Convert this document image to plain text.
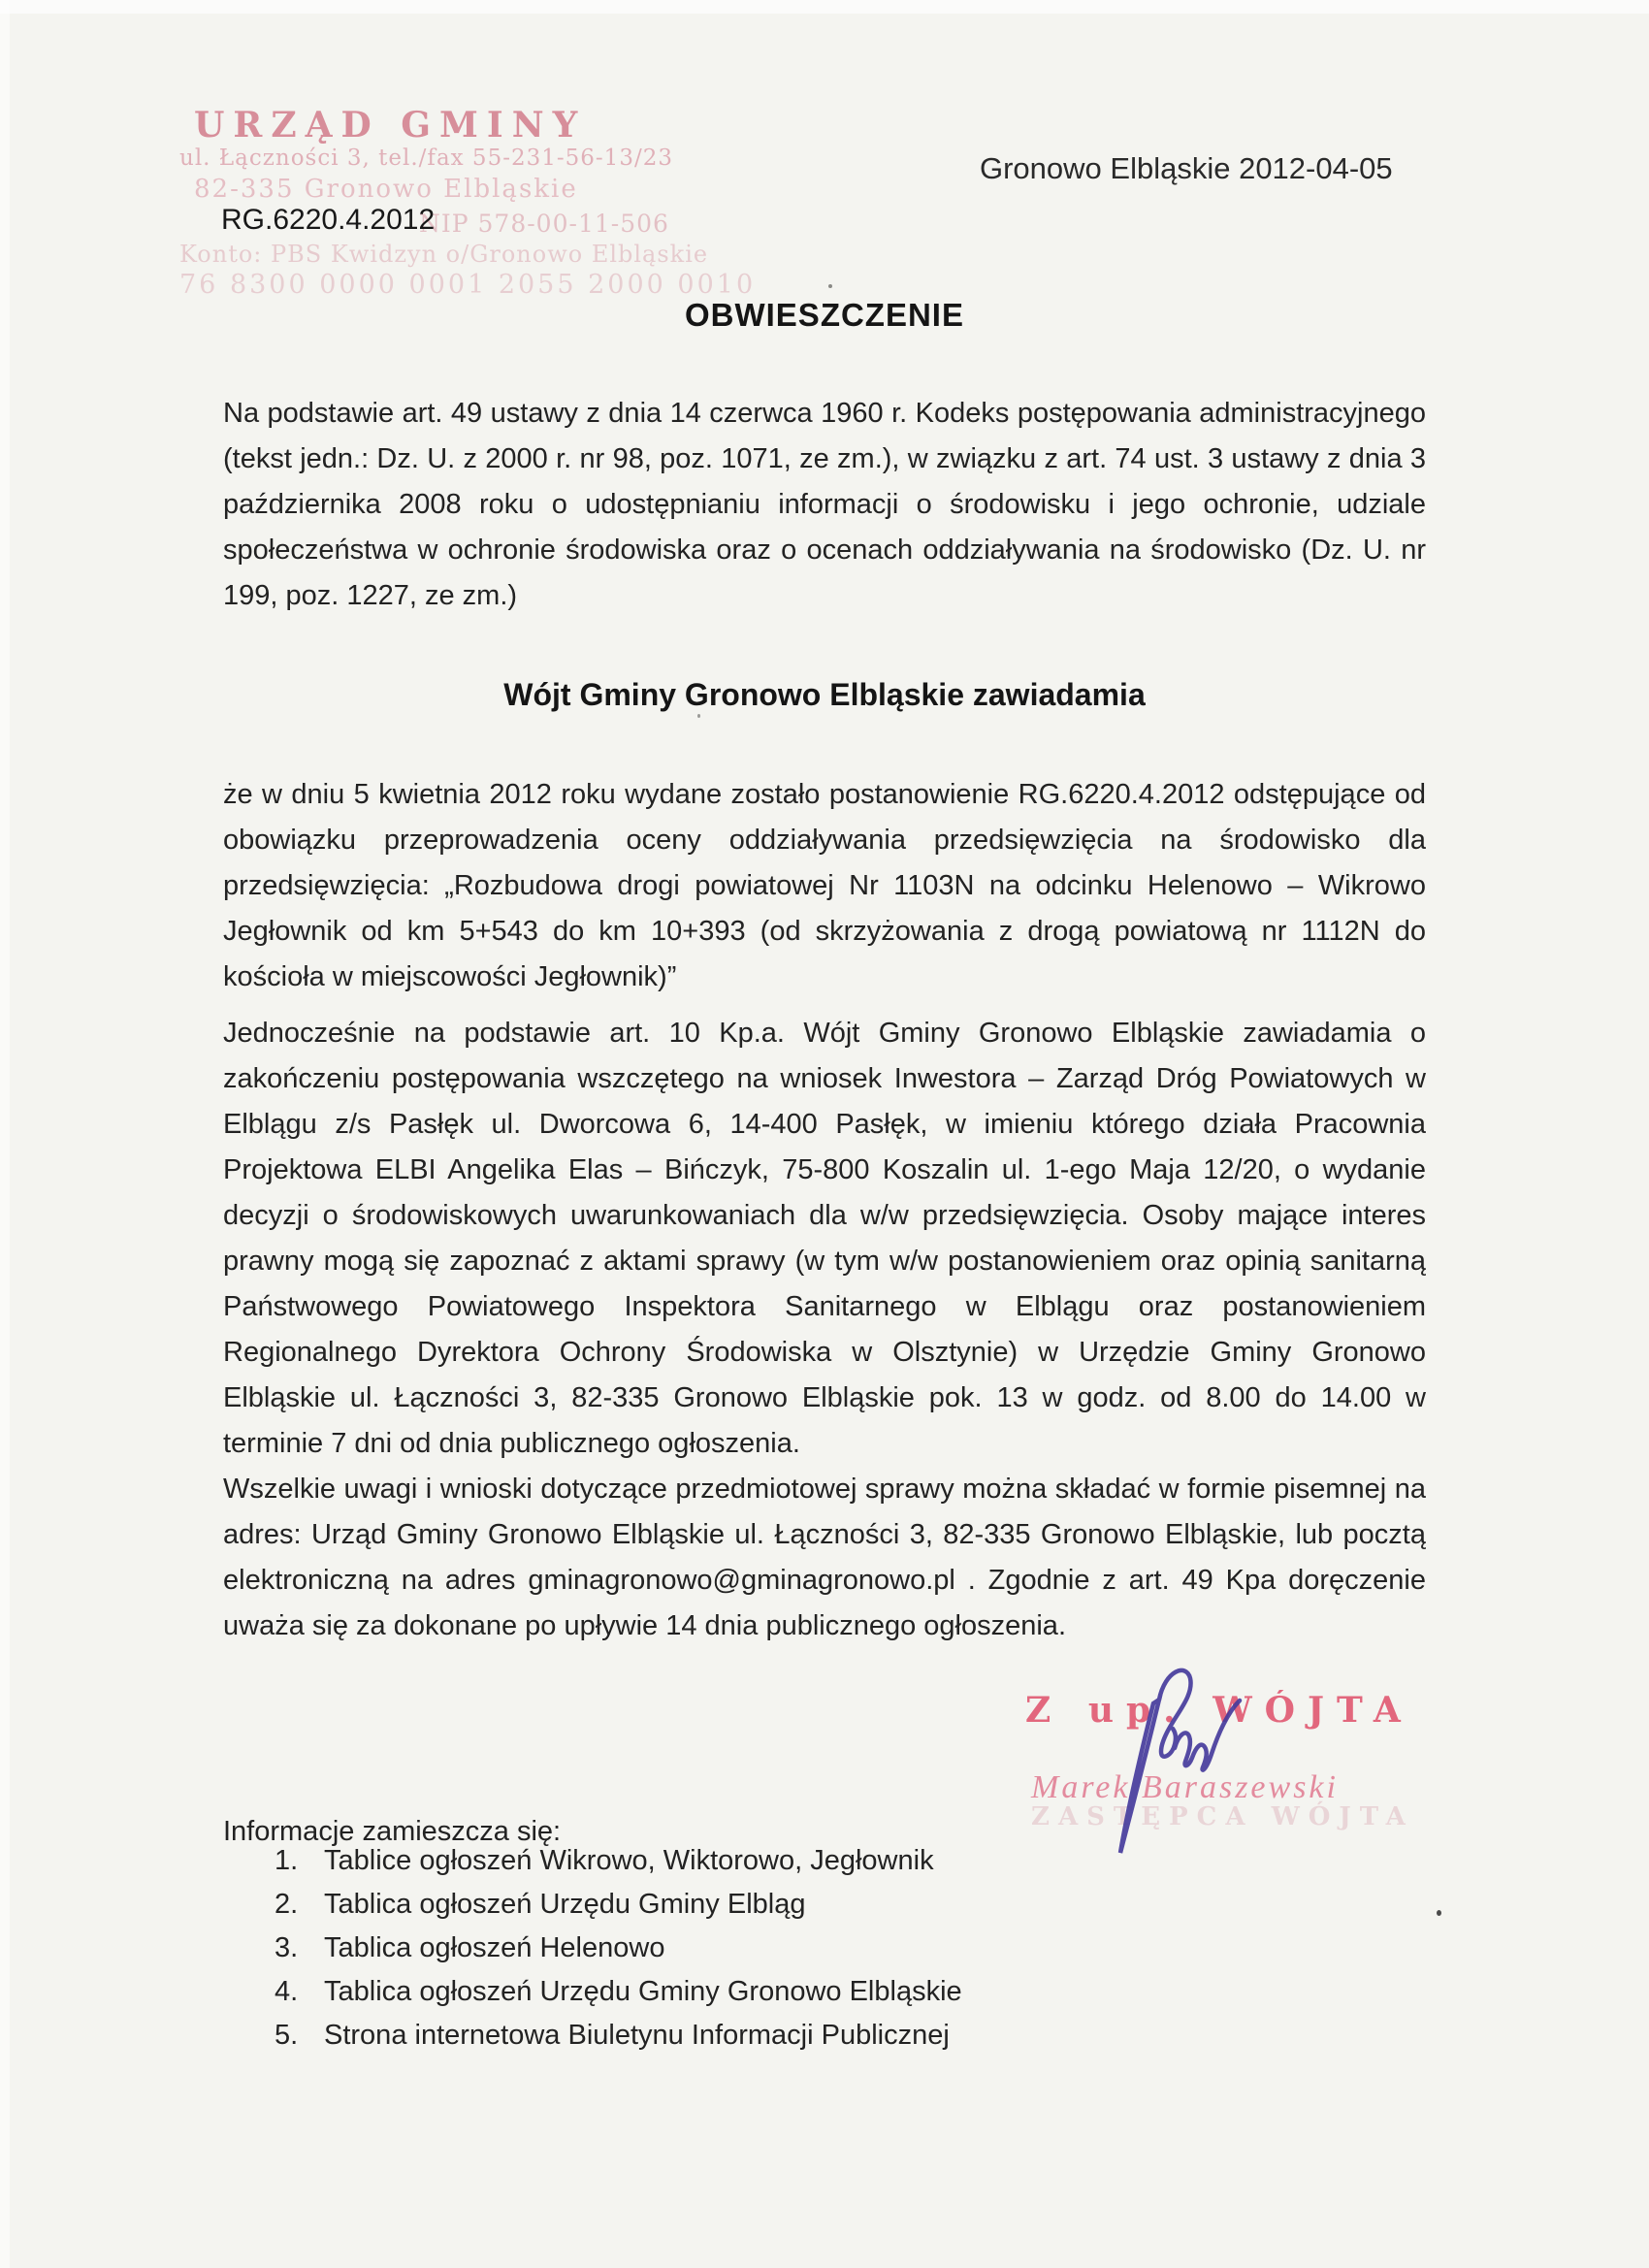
URZĄD GMINY
ul. Łączności 3, tel./fax 55-231-56-13/23
82-335 Gronowo Elbląskie
NIP 578-00-11-506
Konto: PBS Kwidzyn o/Gronowo Elbląskie
76 8300 0000 0001 2055 2000 0010
RG.6220.4.2012
Gronowo Elbląskie 2012-04-05
OBWIESZCZENIE
Na podstawie art. 49 ustawy z dnia 14 czerwca 1960 r. Kodeks postępowania administracyjnego (tekst jedn.: Dz. U. z 2000 r. nr 98, poz. 1071, ze zm.), w związku z art. 74 ust. 3 ustawy z dnia 3 października 2008 roku o udostępnianiu informacji o środowisku i jego ochronie, udziale społeczeństwa w ochronie środowiska oraz o ocenach oddziaływania na środowisko (Dz. U. nr 199, poz. 1227, ze zm.)
Wójt Gminy Gronowo Elbląskie zawiadamia
że w dniu 5 kwietnia 2012 roku wydane zostało postanowienie RG.6220.4.2012 odstępujące od obowiązku przeprowadzenia oceny oddziaływania przedsięwzięcia na środowisko dla przedsięwzięcia: „Rozbudowa drogi powiatowej Nr 1103N na odcinku Helenowo – Wikrowo Jegłownik od km 5+543 do km 10+393 (od skrzyżowania z drogą powiatową nr 1112N do kościoła w miejscowości Jegłownik)”

Jednocześnie na podstawie art. 10 Kp.a. Wójt Gminy Gronowo Elbląskie zawiadamia o zakończeniu postępowania wszczętego na wniosek Inwestora – Zarząd Dróg Powiatowych w Elblągu z/s Pasłęk ul. Dworcowa 6, 14-400 Pasłęk, w imieniu którego działa Pracownia Projektowa ELBI Angelika Elas – Bińczyk, 75-800 Koszalin ul. 1-ego Maja 12/20, o wydanie decyzji o środowiskowych uwarunkowaniach dla w/w przedsięwzięcia. Osoby mające interes prawny mogą się zapoznać z aktami sprawy (w tym w/w postanowieniem oraz opinią sanitarną Państwowego Powiatowego Inspektora Sanitarnego w Elblągu oraz postanowieniem Regionalnego Dyrektora Ochrony Środowiska w Olsztynie) w Urzędzie Gminy Gronowo Elbląskie ul. Łączności 3, 82-335 Gronowo Elbląskie pok. 13 w godz. od 8.00 do 14.00 w terminie 7 dni od dnia publicznego ogłoszenia.

Wszelkie uwagi i wnioski dotyczące przedmiotowej sprawy można składać w formie pisemnej na adres: Urząd Gminy Gronowo Elbląskie ul. Łączności 3, 82-335 Gronowo Elbląskie, lub pocztą elektroniczną na adres gminagronowo@gminagronowo.pl . Zgodnie z art. 49 Kpa doręczenie uważa się za dokonane po upływie 14 dnia publicznego ogłoszenia.

Z up. WÓJTA
Marek Baraszewski
ZASTĘPCA WÓJTA
Informacje zamieszcza się:
Tablice ogłoszeń Wikrowo, Wiktorowo, Jegłownik
Tablica ogłoszeń Urzędu Gminy Elbląg
Tablica ogłoszeń Helenowo
Tablica ogłoszeń Urzędu Gminy Gronowo Elbląskie
Strona internetowa Biuletynu Informacji Publicznej
